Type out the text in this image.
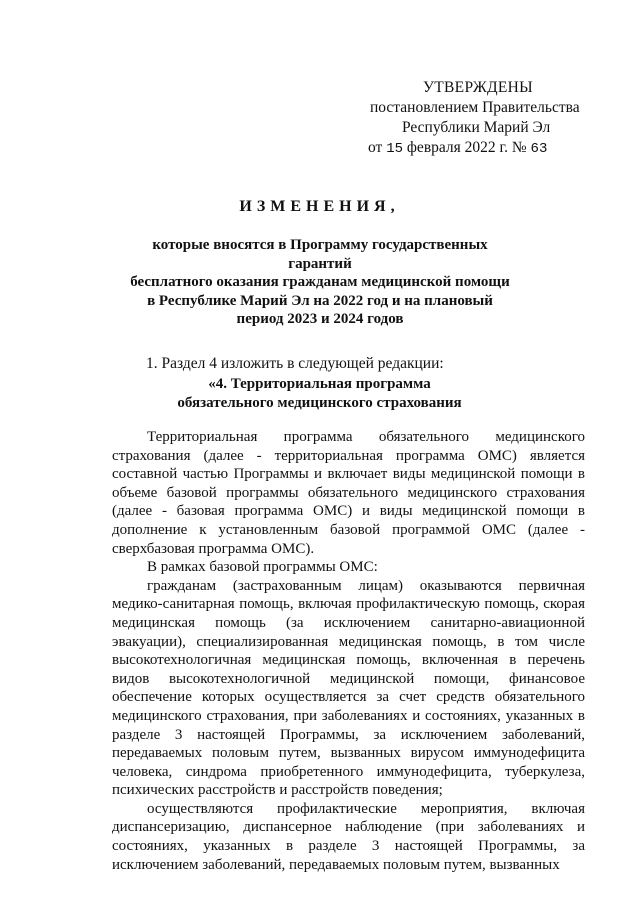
УТВЕРЖДЕНЫ
постановлением Правительства
Республики Марий Эл
от 15 февраля 2022 г. № 63
ИЗМЕНЕНИЯ,
которые вносятся в Программу государственных гарантий
бесплатного оказания гражданам медицинской помощи
в Республике Марий Эл на 2022 год и на плановый
период 2023 и 2024 годов
1. Раздел 4 изложить в следующей редакции:
«4. Территориальная программа
обязательного медицинского страхования

Территориальная программа обязательного медицинского страхования (далее - территориальная программа ОМС) является составной частью Программы и включает виды медицинской помощи в объеме базовой программы обязательного медицинского страхования (далее - базовая программа ОМС) и виды медицинской помощи в дополнение к установленным базовой программой ОМС (далее - сверхбазовая программа ОМС).

В рамках базовой программы ОМС:

гражданам (застрахованным лицам) оказываются первичная медико-санитарная помощь, включая профилактическую помощь, скорая медицинская помощь (за исключением санитарно-авиационной эвакуации), специализированная медицинская помощь, в том числе высокотехнологичная медицинская помощь, включенная в перечень видов высокотехнологичной медицинской помощи, финансовое обеспечение которых осуществляется за счет средств обязательного медицинского страхования, при заболеваниях и состояниях, указанных в разделе 3 настоящей Программы, за исключением заболеваний, передаваемых половым путем, вызванных вирусом иммунодефицита человека, синдрома приобретенного иммунодефицита, туберкулеза, психических расстройств и расстройств поведения;

осуществляются профилактические мероприятия, включая диспансеризацию, диспансерное наблюдение (при заболеваниях и состояниях, указанных в разделе 3 настоящей Программы, за исключением заболеваний, передаваемых половым путем, вызванных
